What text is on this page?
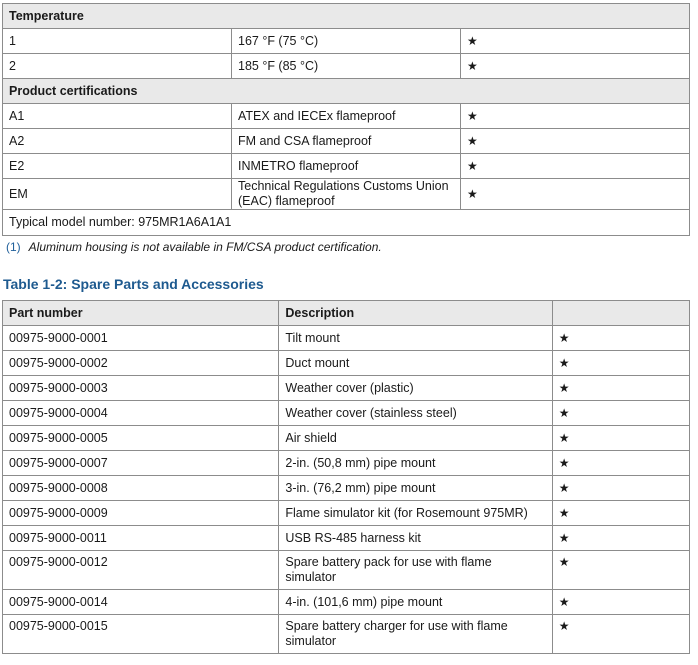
Temperature		
1	167 °F (75 °C)	★
2	185 °F (85 °C)	★
Product certifications		
A1	ATEX and IECEx flameproof	★
A2	FM and CSA flameproof	★
E2	INMETRO flameproof	★
EM	Technical Regulations Customs Union (EAC) flameproof	★
Typical model number: 975MR1A6A1A1		
(1) Aluminum housing is not available in FM/CSA product certification.
Table 1-2: Spare Parts and Accessories
Part number	Description	
00975-9000-0001	Tilt mount	★
00975-9000-0002	Duct mount	★
00975-9000-0003	Weather cover (plastic)	★
00975-9000-0004	Weather cover (stainless steel)	★
00975-9000-0005	Air shield	★
00975-9000-0007	2-in. (50,8 mm) pipe mount	★
00975-9000-0008	3-in. (76,2 mm) pipe mount	★
00975-9000-0009	Flame simulator kit (for Rosemount 975MR)	★
00975-9000-0011	USB RS-485 harness kit	★
00975-9000-0012	Spare battery pack for use with flame simulator	★
00975-9000-0014	4-in. (101,6 mm) pipe mount	★
00975-9000-0015	Spare battery charger for use with flame simulator	★
